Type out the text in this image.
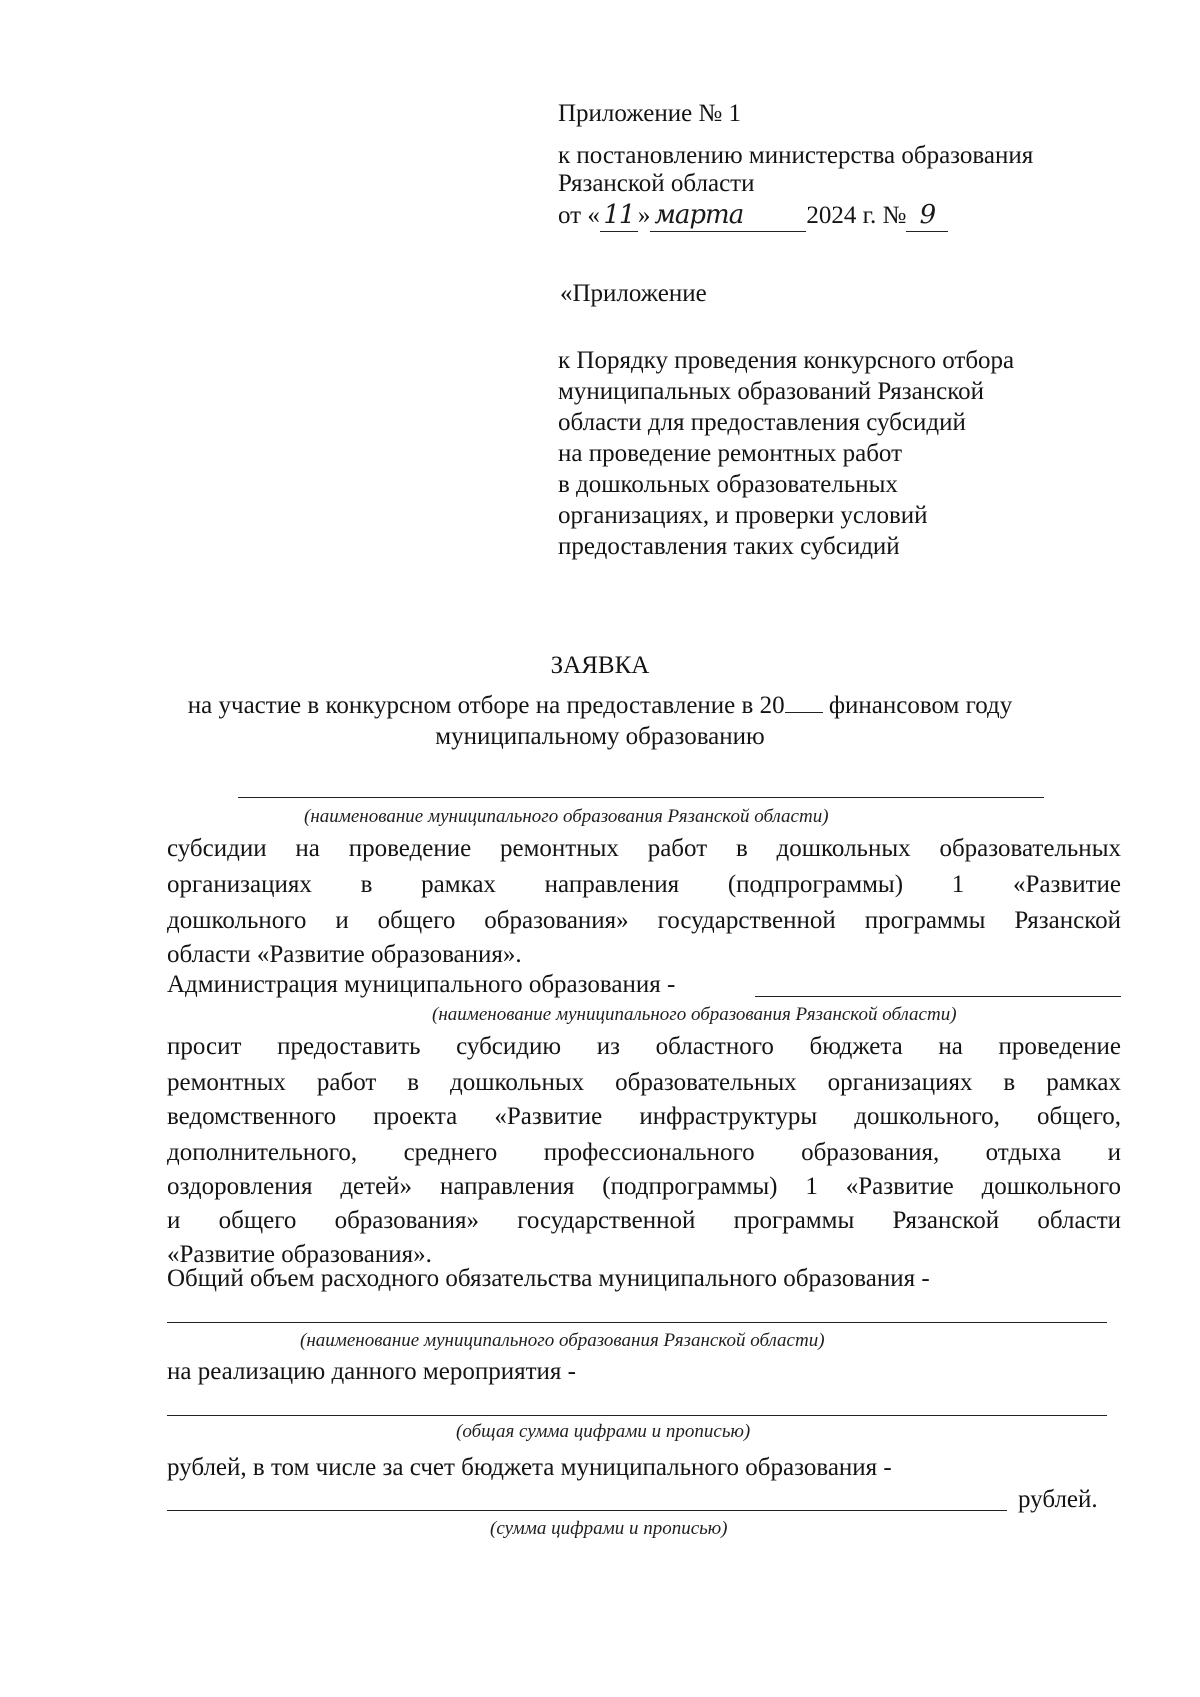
Приложение № 1
к постановлению министерства образования
Рязанской области
от « 11 » марта	2024 г. № 9
«Приложение
к Порядку проведения конкурсного отбора
муниципальных образований Рязанской
области для предоставления субсидий
на проведение ремонтных работ
в дошкольных образовательных
организациях, и проверки условий
предоставления таких субсидий
ЗАЯВКА
на участие в конкурсном отборе на предоставление в 20 финансовом году
муниципальному образованию
(наименование муниципального образования Рязанской области)
субсидии на проведение ремонтных работ в дошкольных образовательных
организациях в рамках направления (подпрограммы) 1 «Развитие
дошкольного и общего образования» государственной программы Рязанской
области «Развитие образования».
Администрация муниципального образования -
(наименование муниципального образования Рязанской области)
просит предоставить субсидию из областного бюджета на проведение
ремонтных работ в дошкольных образовательных организациях в рамках
ведомственного проекта «Развитие инфраструктуры дошкольного, общего,
дополнительного, среднего профессионального образования, отдыха и
оздоровления детей» направления (подпрограммы) 1 «Развитие дошкольного
и общего образования» государственной программы Рязанской области
«Развитие образования».
Общий объем расходного обязательства муниципального образования -
(наименование муниципального образования Рязанской области)
на реализацию данного мероприятия -
(общая сумма цифрами и прописью)
рублей, в том числе за счет бюджета муниципального образования -
рублей.
(сумма цифрами и прописью)
